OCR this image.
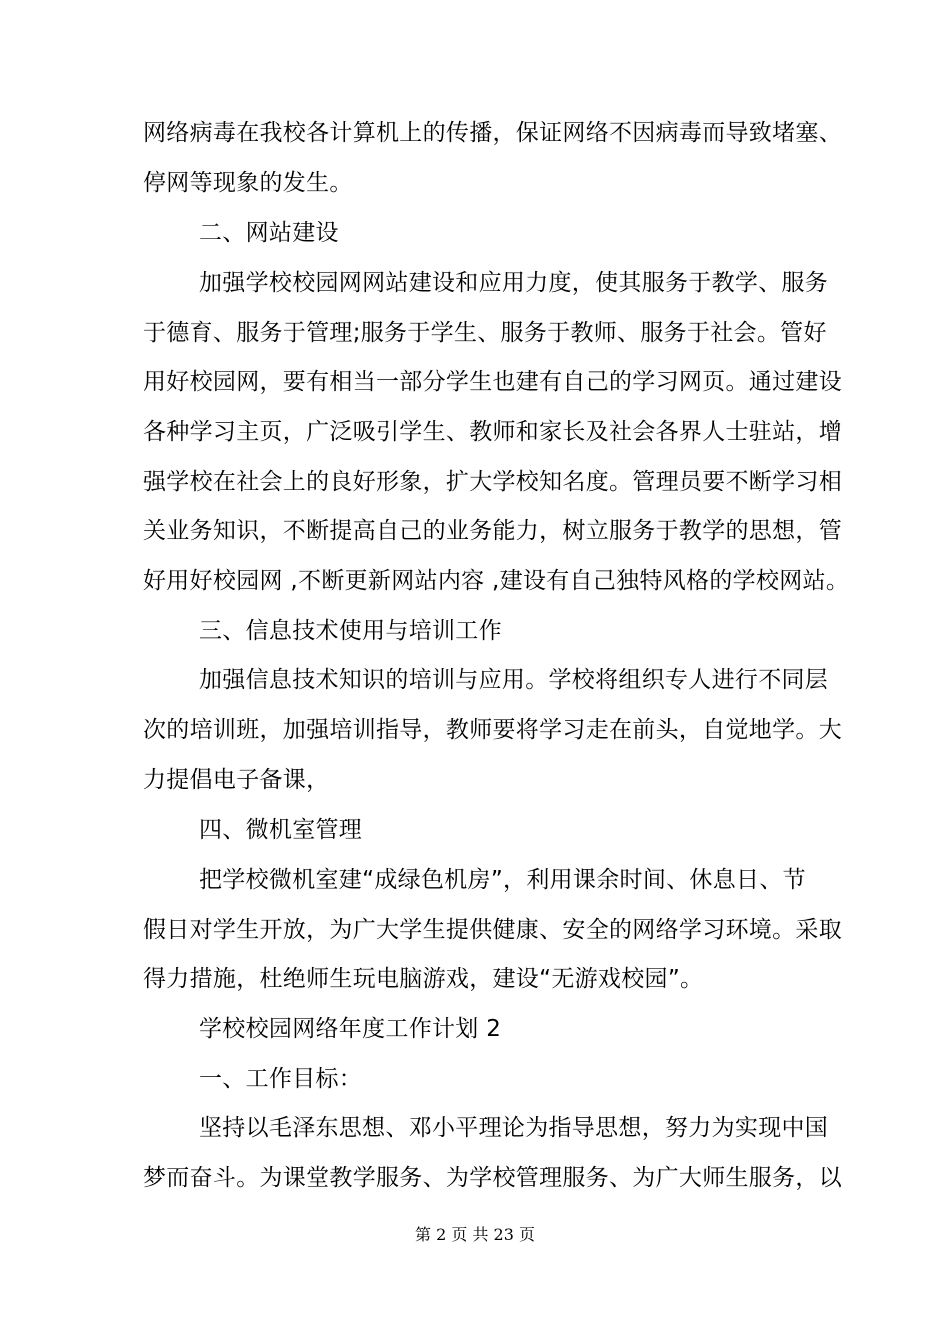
网络病毒在我校各计算机上的传播，保证网络不因病毒而导致堵塞、
停网等现象的发生。
二、网站建设
加强学校校园网网站建设和应用力度，使其服务于教学、服务
于德育、服务于管理;服务于学生、服务于教师、服务于社会。管好
用好校园网，要有相当一部分学生也建有自己的学习网页。通过建设
各种学习主页，广泛吸引学生、教师和家长及社会各界人士驻站，增
强学校在社会上的良好形象，扩大学校知名度。管理员要不断学习相
关业务知识，不断提高自己的业务能力，树立服务于教学的思想，管
好用好校园网 ,不断更新网站内容 ,建设有自己独特风格的学校网站。
三、信息技术使用与培训工作
加强信息技术知识的培训与应用。学校将组织专人进行不同层
次的培训班，加强培训指导，教师要将学习走在前头，自觉地学。大
力提倡电子备课，
四、微机室管理
把学校微机室建“成绿色机房”，利用课余时间、休息日、节
假日对学生开放，为广大学生提供健康、安全的网络学习环境。采取
得力措施，杜绝师生玩电脑游戏，建设“无游戏校园”。
学校校园网络年度工作计划 2
一、工作目标：
坚持以毛泽东思想、邓小平理论为指导思想，努力为实现中国
梦而奋斗。为课堂教学服务、为学校管理服务、为广大师生服务，以
第 2 页 共 23 页
